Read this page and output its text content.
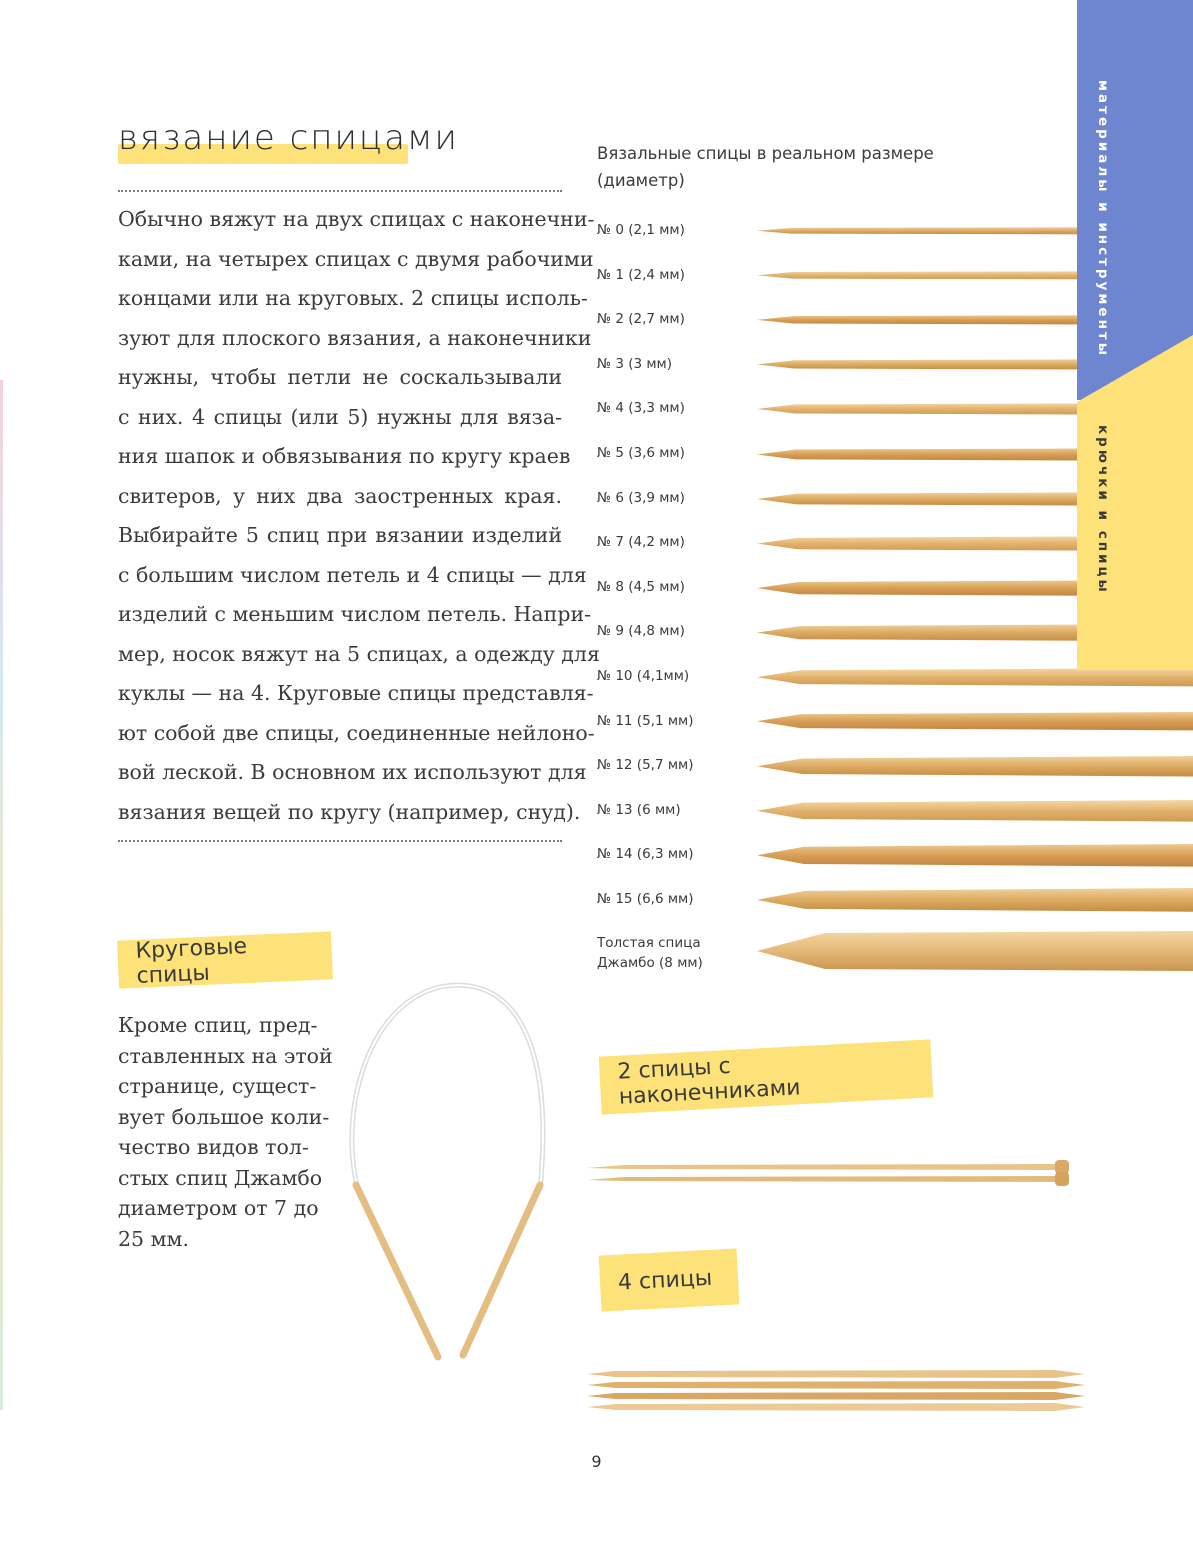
вязание спицами
Обычно вяжут на двух спицах с наконечни-
ками, на четырех спицах с двумя рабочими
концами или на круговых. 2 спицы исполь-
зуют для плоского вязания, а наконечники
нужны, чтобы петли не соскальзывали
с них. 4 спицы (или 5) нужны для вяза-
ния шапок и обвязывания по кругу краев
свитеров, у них два заостренных края.
Выбирайте 5 спиц при вязании изделий
с большим числом петель и 4 спицы — для
изделий с меньшим числом петель. Напри-
мер, носок вяжут на 5 спицах, а одежду для
куклы — на 4. Круговые спицы представля-
ют собой две спицы, соединенные нейлоно-
вой леской. В основном их используют для
вязания вещей по кругу (например, снуд).
Круговые спицы
Кроме спиц, пред-
ставленных на этой
странице, сущест-
вует большое коли-
чество видов тол-
стых спиц Джамбо
диаметром от 7 до
25 мм.
Вязальные спицы в реальном размере
(диаметр)
№ 0 (2,1 мм)
№ 1 (2,4 мм)
№ 2 (2,7 мм)
№ 3 (3 мм)
№ 4 (3,3 мм)
№ 5 (3,6 мм)
№ 6 (3,9 мм)
№ 7 (4,2 мм)
№ 8 (4,5 мм)
№ 9 (4,8 мм)
№ 10 (4,1мм)
№ 11 (5,1 мм)
№ 12 (5,7 мм)
№ 13 (6 мм)
№ 14 (6,3 мм)
№ 15 (6,6 мм)
Толстая спица
Джамбо (8 мм)
материалы и инструменты
крючки и спицы
2 спицы с наконечниками
4 спицы
9
